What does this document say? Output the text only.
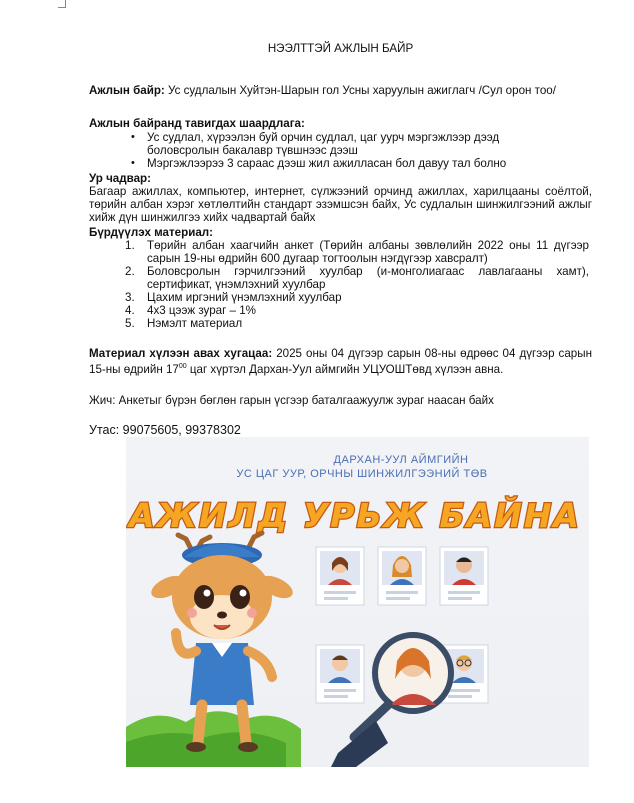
НЭЭЛТТЭЙ АЖЛЫН БАЙР
Ажлын байр: Ус судлалын Хуйтэн-Шарын гол Усны харуулын ажиглагч /Сул орон тоо/
Ажлын байранд тавигдах шаардлага:
• Ус судлал, хүрээлэн буй орчин судлал, цаг уурч мэргэжлээр дээд боловсролын бакалавр түвшнээс дээш
• Мэргэжлээрээ 3 сараас дээш жил ажилласан бол давуу тал болно
Ур чадвар:
Багаар ажиллах, компьютер, интернет, сүлжээний орчинд ажиллах, харилцааны соёлтой, төрийн албан хэрэг хөтлөлтийн стандарт эзэмшсэн байх, Ус судлалын шинжилгээний ажлыг хийж дүн шинжилгээ хийх чадвартай байх
Бүрдүүлэх материал:
1. Төрийн албан хаагчийн анкет (Төрийн албаны зөвлөлийн 2022 оны 11 дүгээр сарын 19-ны өдрийн 600 дугаар тогтоолын нэгдүгээр хавсралт)
2. Боловсролын гэрчилгээний хуулбар (и-монголиагаас лавлагааны хамт), сертификат, үнэмлэхний хуулбар
3. Цахим иргэний үнэмлэхний хуулбар
4. 4х3 цээж зураг – 1%
5. Нэмэлт материал
Материал хүлээн авах хугацаа: 2025 оны 04 дүгээр сарын 08-ны өдрөөс 04 дүгээр сарын 15-ны өдрийн $17^{00}$ цаг хүртэл Дархан-Уул аймгийн УЦУОШТөвд хүлээн авна.
Жич: Анкетыг бүрэн бөглөн гарын үсгээр баталгаажуулж зураг наасан байх
Утас: 99075605, 99378302
ДАРХАН-УУЛ АЙМГИЙН
УС ЦАГ УУР, ОРЧНЫ ШИНЖИЛГЭЭНИЙ ТӨВ
АЖИЛД УРЬЖ БАЙНА
